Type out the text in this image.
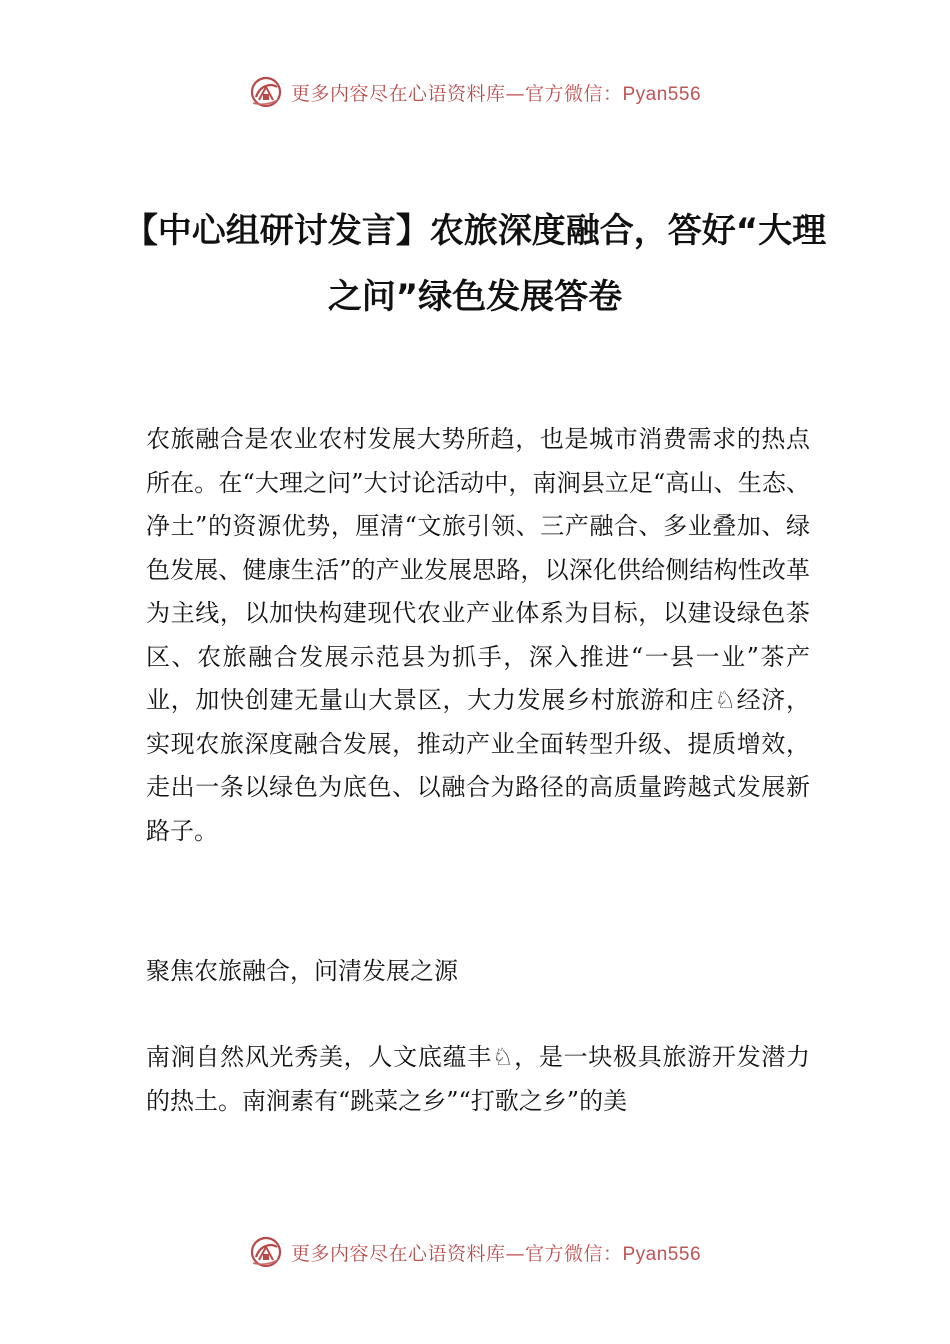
更多内容尽在心语资料库—官方微信：Pyan556
【中心组研讨发言】农旅深度融合，答好“大理之问”绿色发展答卷
农旅融合是农业农村发展大势所趋，也是城市消费需求的热点所在。在“大理之问”大讨论活动中，南涧县立足“高山、生态、净土”的资源优势，厘清“文旅引领、三产融合、多业叠加、绿色发展、健康生活”的产业发展思路，以深化供给侧结构性改革为主线，以加快构建现代农业产业体系为目标，以建设绿色茶区、农旅融合发展示范县为抓手，深入推进“一县一业”茶产业，加快创建无量山大景区，大力发展乡村旅游和庄♘经济，实现农旅深度融合发展，推动产业全面转型升级、提质增效，走出一条以绿色为底色、以融合为路径的高质量跨越式发展新路子。
聚焦农旅融合，问清发展之源
南涧自然风光秀美，人文底蕴丰♘，是一块极具旅游开发潜力的热土。南涧素有“跳菜之乡”“打歌之乡”的美
更多内容尽在心语资料库—官方微信：Pyan556
